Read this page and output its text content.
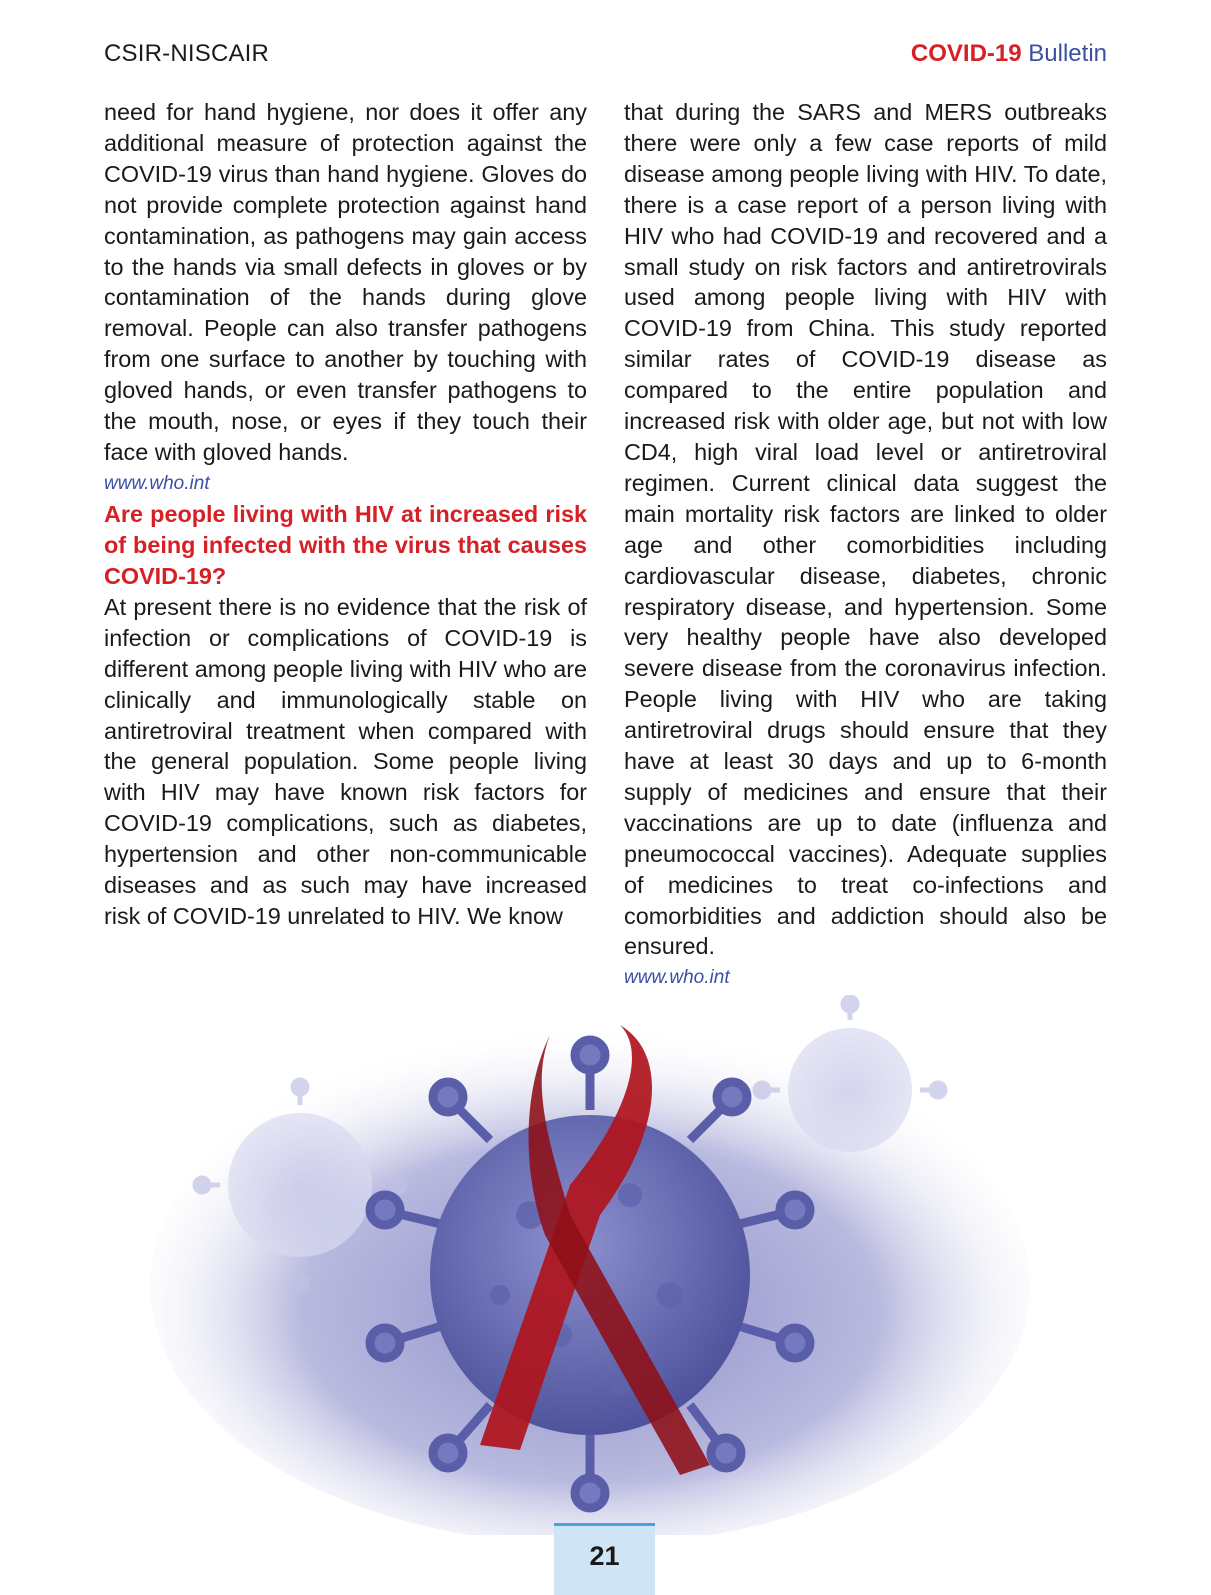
CSIR-NISCAIR	COVID-19 Bulletin

need for hand hygiene, nor does it offer any additional measure of protection against the COVID-19 virus than hand hygiene. Gloves do not provide complete protection against hand contamination, as pathogens may gain access to the hands via small defects in gloves or by contamination of the hands during glove removal. People can also transfer pathogens from one surface to another by touching with gloved hands, or even transfer pathogens to the mouth, nose, or eyes if they touch their face with gloved hands.

www.who.int

Are people living with HIV at increased risk of being infected with the virus that causes COVID-19?

At present there is no evidence that the risk of infection or complications of COVID-19 is different among people living with HIV who are clinically and immunologically stable on antiretroviral treatment when compared with the general population. Some people living with HIV may have known risk factors for COVID-19 complications, such as diabetes, hypertension and other non-communicable diseases and as such may have increased risk of COVID-19 unrelated to HIV. We know

that during the SARS and MERS outbreaks there were only a few case reports of mild disease among people living with HIV. To date, there is a case report of a person living with HIV who had COVID-19 and recovered and a small study on risk factors and antiretrovirals used among people living with HIV with COVID-19 from China. This study reported similar rates of COVID-19 disease as compared to the entire population and increased risk with older age, but not with low CD4, high viral load level or antiretroviral regimen. Current clinical data suggest the main mortality risk factors are linked to older age and other comorbidities including cardiovascular disease, diabetes, chronic respiratory disease, and hypertension. Some very healthy people have also developed severe disease from the coronavirus infection. People living with HIV who are taking antiretroviral drugs should ensure that they have at least 30 days and up to 6-month supply of medicines and ensure that their vaccinations are up to date (influenza and pneumococcal vaccines). Adequate supplies of medicines to treat co-infections and comorbidities and addiction should also be ensured.

www.who.int

21
